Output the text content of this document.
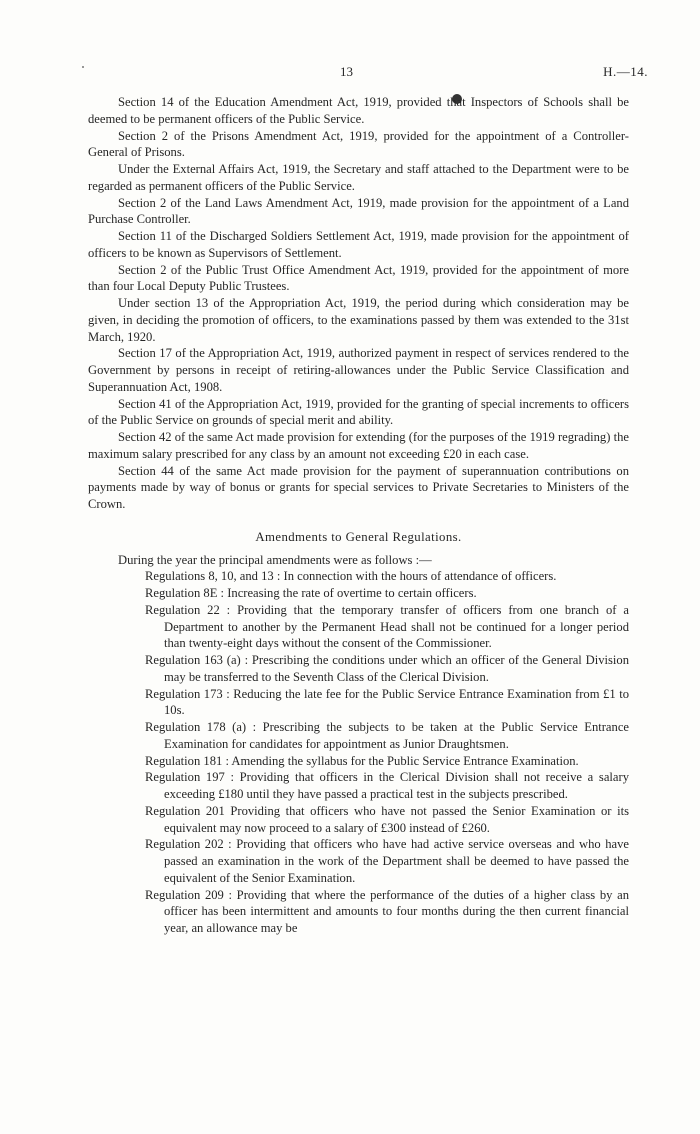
13	H.—14.

Section 14 of the Education Amendment Act, 1919, provided that Inspectors of Schools shall be deemed to be permanent officers of the Public Service.

Section 2 of the Prisons Amendment Act, 1919, provided for the appointment of a Controller-General of Prisons.

Under the External Affairs Act, 1919, the Secretary and staff attached to the Department were to be regarded as permanent officers of the Public Service.

Section 2 of the Land Laws Amendment Act, 1919, made provision for the appointment of a Land Purchase Controller.

Section 11 of the Discharged Soldiers Settlement Act, 1919, made provision for the appointment of officers to be known as Supervisors of Settlement.

Section 2 of the Public Trust Office Amendment Act, 1919, provided for the appointment of more than four Local Deputy Public Trustees.

Under section 13 of the Appropriation Act, 1919, the period during which consideration may be given, in deciding the promotion of officers, to the examinations passed by them was extended to the 31st March, 1920.

Section 17 of the Appropriation Act, 1919, authorized payment in respect of services rendered to the Government by persons in receipt of retiring-allowances under the Public Service Classification and Superannuation Act, 1908.

Section 41 of the Appropriation Act, 1919, provided for the granting of special increments to officers of the Public Service on grounds of special merit and ability.

Section 42 of the same Act made provision for extending (for the purposes of the 1919 regrading) the maximum salary prescribed for any class by an amount not exceeding £20 in each case.

Section 44 of the same Act made provision for the payment of superannuation contributions on payments made by way of bonus or grants for special services to Private Secretaries to Ministers of the Crown.

Amendments to General Regulations.

During the year the principal amendments were as follows :—

Regulations 8, 10, and 13 : In connection with the hours of attendance of officers.

Regulation 8E : Increasing the rate of overtime to certain officers.

Regulation 22 : Providing that the temporary transfer of officers from one branch of a Department to another by the Permanent Head shall not be continued for a longer period than twenty-eight days without the consent of the Commissioner.

Regulation 163 (a) : Prescribing the conditions under which an officer of the General Division may be transferred to the Seventh Class of the Clerical Division.

Regulation 173 : Reducing the late fee for the Public Service Entrance Examination from £1 to 10s.

Regulation 178 (a) : Prescribing the subjects to be taken at the Public Service Entrance Examination for candidates for appointment as Junior Draughtsmen.

Regulation 181 : Amending the syllabus for the Public Service Entrance Examination.

Regulation 197 : Providing that officers in the Clerical Division shall not receive a salary exceeding £180 until they have passed a practical test in the subjects prescribed.

Regulation 201 Providing that officers who have not passed the Senior Examination or its equivalent may now proceed to a salary of £300 instead of £260.

Regulation 202 : Providing that officers who have had active service overseas and who have passed an examination in the work of the Department shall be deemed to have passed the equivalent of the Senior Examination.

Regulation 209 : Providing that where the performance of the duties of a higher class by an officer has been intermittent and amounts to four months during the then current financial year, an allowance may be
